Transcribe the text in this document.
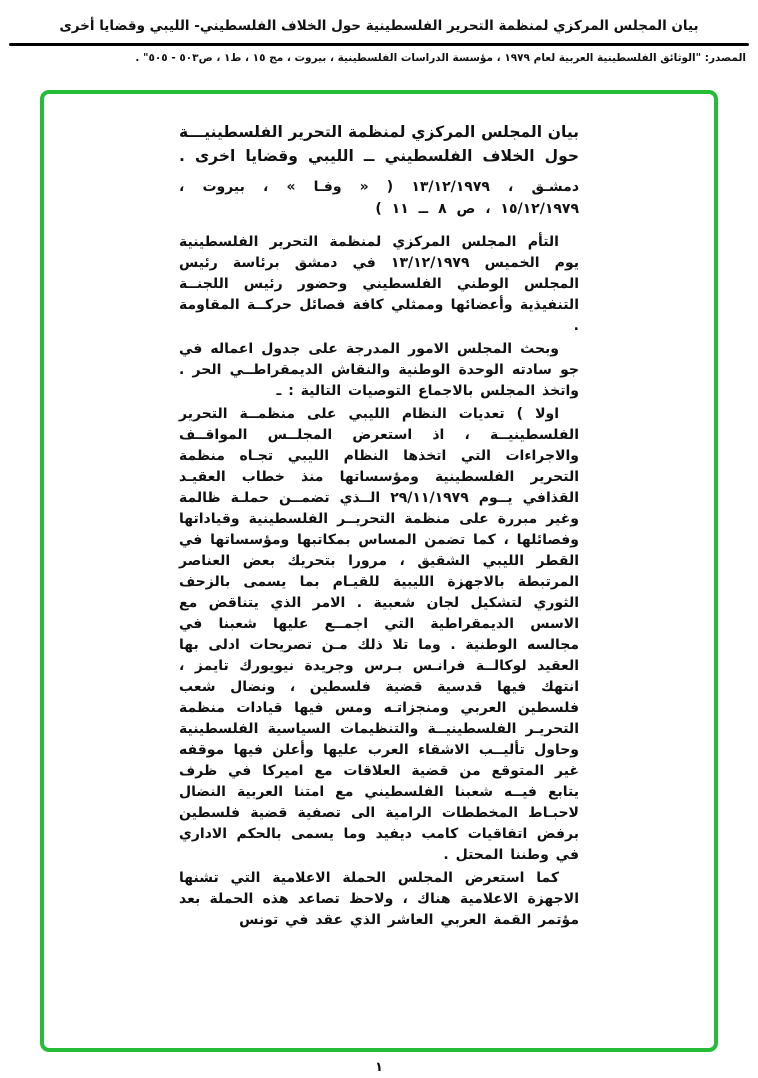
بيان المجلس المركزي لمنظمة التحرير الفلسطينية حول الخلاف الفلسطيني- الليبي وقضايا أخرى
المصدر: "الوثائق الفلسطينية العربية لعام ١٩٧٩ ، مؤسسة الدراسات الفلسطينية ، بيروت ، مج ١٥ ، ط١ ، ص٥٠٣ - ٥٠٥" .
بيان المجلس المركزي لمنظمة التحرير الفلسطينيـــة حول الخلاف الفلسطيني ــ الليبي وقضايا اخرى .

دمشـق ، ١٣/١٢/١٩٧٩ ( « وفـا » ، بيروت ، ١٥/١٢/١٩٧٩ ، ص ٨ ــ ١١ )

التأم المجلس المركزي لمنظمة التحرير الفلسطينية يوم الخميس ١٣/١٢/١٩٧٩ في دمشق برئاسة رئيس المجلس الوطني الفلسطيني وحضور رئيس اللجنــة التنفيذية وأعضائها وممثلي كافة فصائل حركــة المقاومة .

وبحث المجلس الامور المدرجة على جدول اعماله في جو سادته الوحدة الوطنية والنقاش الديمقراطــي الحر . واتخذ المجلس بالاجماع التوصيات التالية : ـ

اولا ) تعديات النظام الليبي على منظمــة التحرير الفلسطينيــة ، اذ استعرض المجلــس المواقــف والاجراءات التي اتخذها النظام الليبي تجـاه منظمة التحرير الفلسطينية ومؤسساتها منذ خطاب العقيـد القذافي يــوم ٢٩/١١/١٩٧٩ الــذي تضمــن حملـة ظالمة وغير مبررة على منظمة التحريــر الفلسطينية وقياداتها وفصائلها ، كما تضمن المساس بمكاتبها ومؤسساتها في القطر الليبي الشقيق ، مرورا بتحريك بعض العناصر المرتبطة بالاجهزة الليبية للقيـام بما يسمى بالزحف الثوري لتشكيل لجان شعبية . الامر الذي يتناقض مع الاسس الديمقراطية التي اجمــع عليها شعبنا في مجالسه الوطنية . وما تلا ذلك مـن تصريحات ادلى بها العقيد لوكالــة فرانـس بـرس وجريدة نيويورك تايمز ، انتهك فيها قدسية قضية فلسطين ، ونضال شعب فلسطين العربي ومنجزاتـه ومس فيها قيادات منظمة التحريـر الفلسطينيــة والتنظيمات السياسية الفلسطينية وحاول تأليــب الاشقاء العرب عليها وأعلن فيها موقفه غير المتوقع من قضية العلاقات مع اميركا في ظرف يتابع فيــه شعبنا الفلسطيني مع امتنا العربية النضال لاحبـاط المخططات الرامية الى تصفية قضية فلسطين برفض اتفاقيات كامب ديفيد وما يسمى بالحكم الاداري في وطننا المحتل .

كما استعرض المجلس الحملة الاعلامية التي تشنها الاجهزة الاعلامية هناك ، ولاحظ تصاعد هذه الحملة بعد مؤتمر القمة العربي العاشر الذي عقد في تونس

١
